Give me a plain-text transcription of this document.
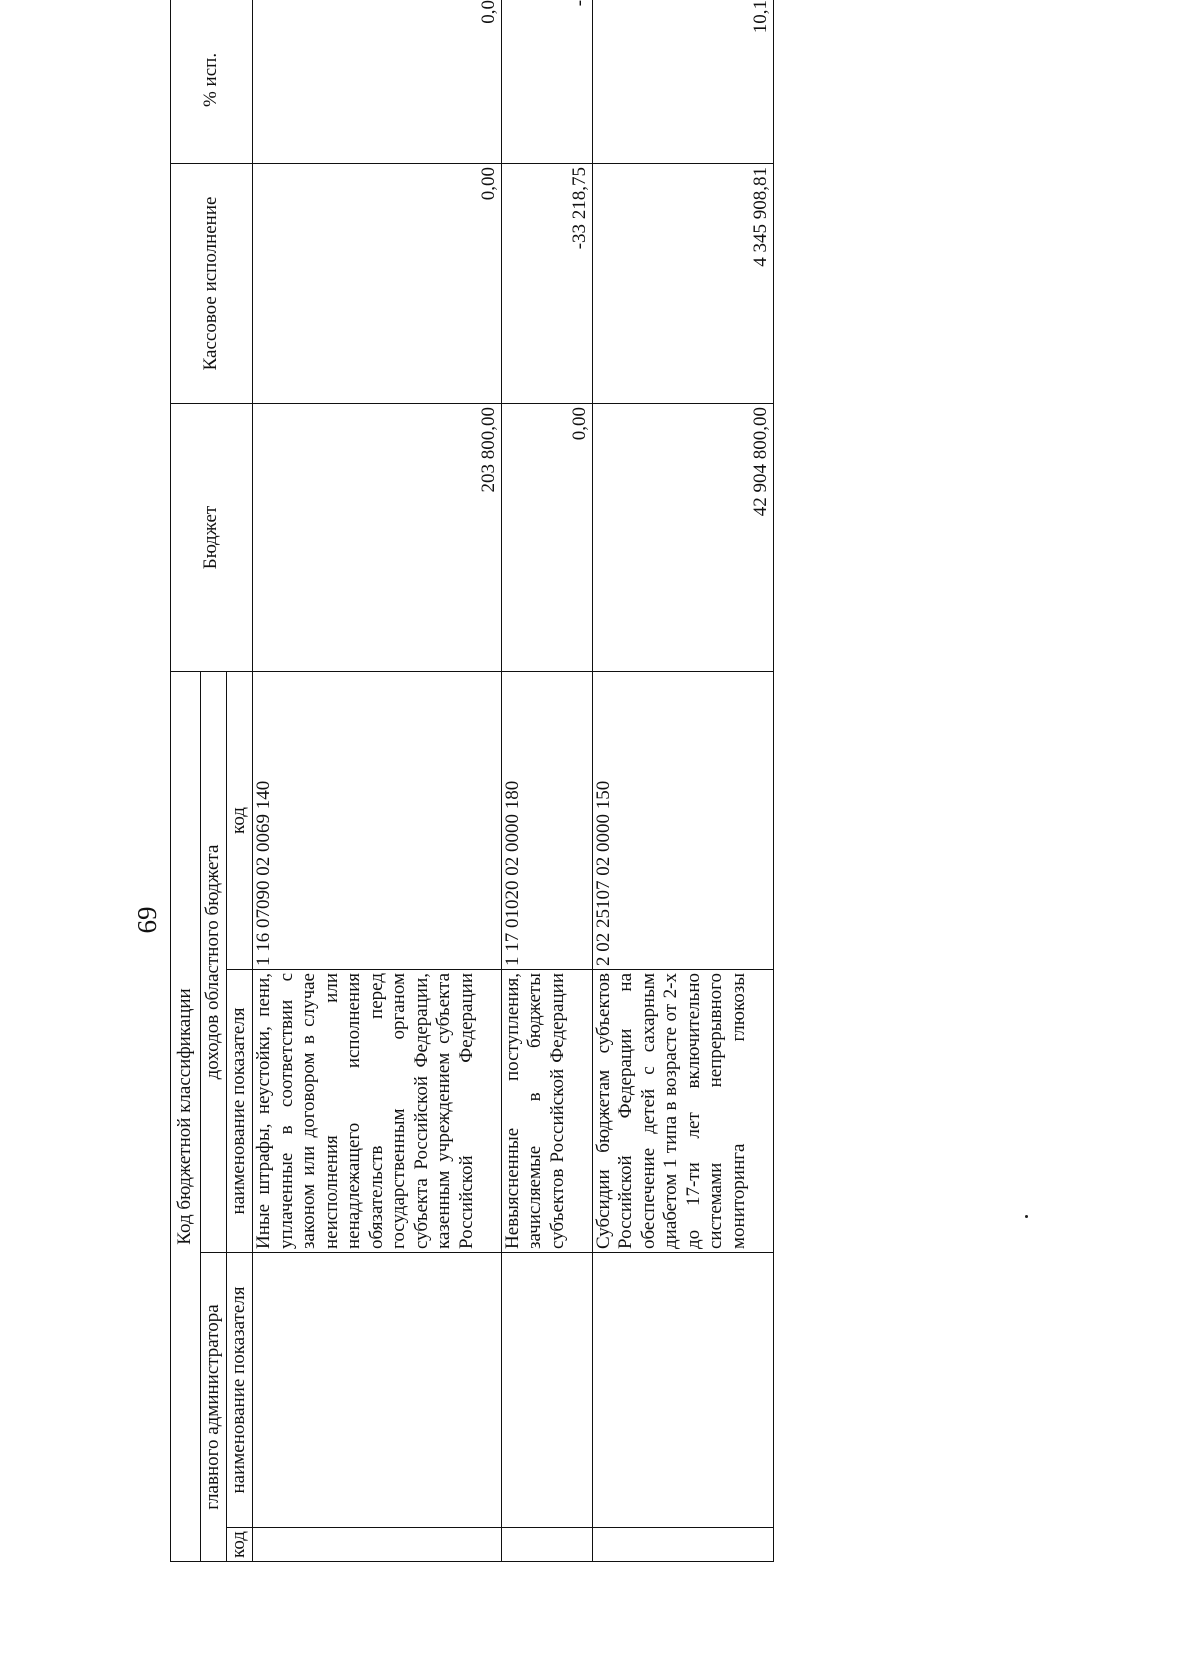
69
Код бюджетной классификации				Бюджет	Кассовое исполнение	% исп.
главного администратора		доходов областного бюджета				
код	наименование показателя	наименование показателя	код			
		Иные штрафы, неустойки, пени, уплаченные в соответствии с законом или договором в случае неисполнения или ненадлежащего исполнения обязательств перед государственным органом субъекта Российской Федерации, казенным учреждением субъекта Российской Федерации	1 16 07090 02 0069 140	203 800,00	0,00	0,0
		Невыясненные поступления, зачисляемые в бюджеты субъектов Российской Федерации	1 17 01020 02 0000 180	0,00	-33 218,75	-
		Субсидии бюджетам субъектов Российской Федерации на обеспечение детей с сахарным диабетом 1 типа в возрасте от 2-х до 17-ти лет включительно системами непрерывного мониторинга глюкозы	2 02 25107 02 0000 150	42 904 800,00	4 345 908,81	10,1
